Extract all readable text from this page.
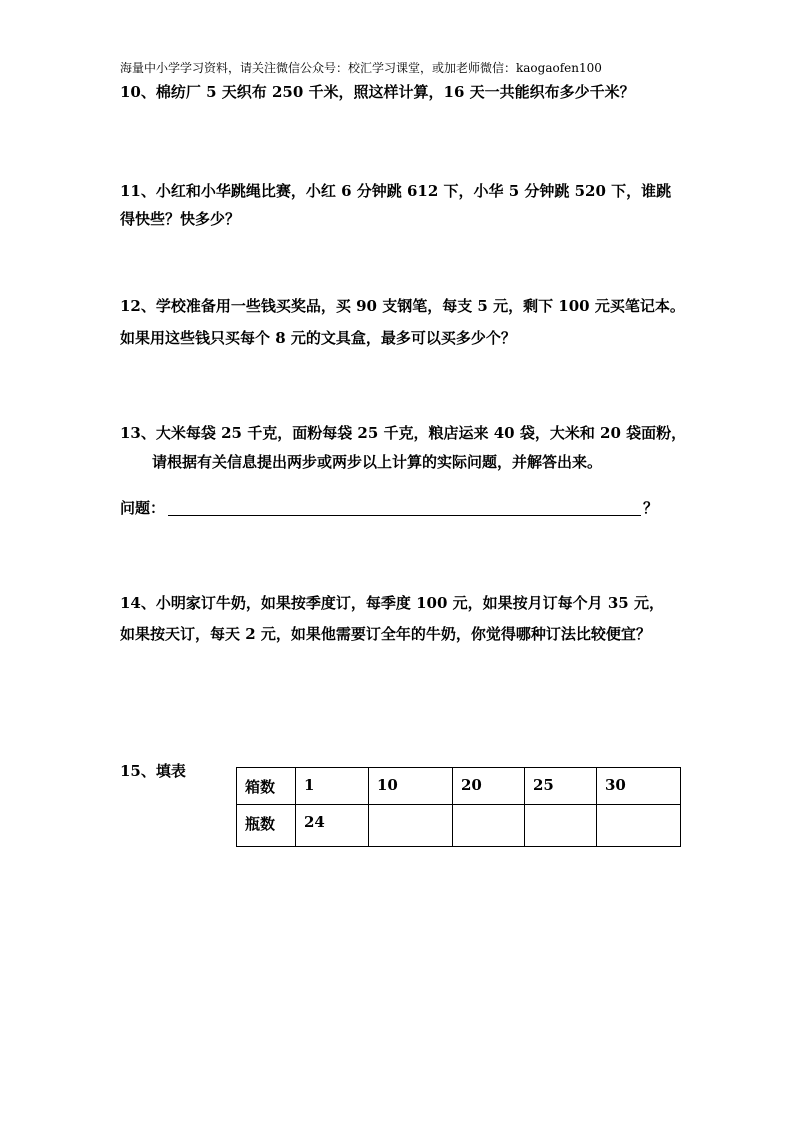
海量中小学学习资料，请关注微信公众号：校汇学习课堂，或加老师微信：kaogaofen100
10、棉纺厂 5 天织布 250 千米，照这样计算，16 天一共能织布多少千米？
11、小红和小华跳绳比赛，小红 6 分钟跳 612 下，小华 5 分钟跳 520 下，谁跳
得快些？快多少？
12、学校准备用一些钱买奖品，买 90 支钢笔，每支 5 元，剩下 100 元买笔记本。
如果用这些钱只买每个 8 元的文具盒，最多可以买多少个？
13、大米每袋 25 千克，面粉每袋 25 千克，粮店运来 40 袋，大米和 20 袋面粉，
请根据有关信息提出两步或两步以上计算的实际问题，并解答出来。
问题：	？
14、小明家订牛奶，如果按季度订，每季度 100 元，如果按月订每个月 35 元，
如果按天订，每天 2 元，如果他需要订全年的牛奶，你觉得哪种订法比较便宜？
15、填表
箱数	1	10	20	25	30
瓶数	24				
